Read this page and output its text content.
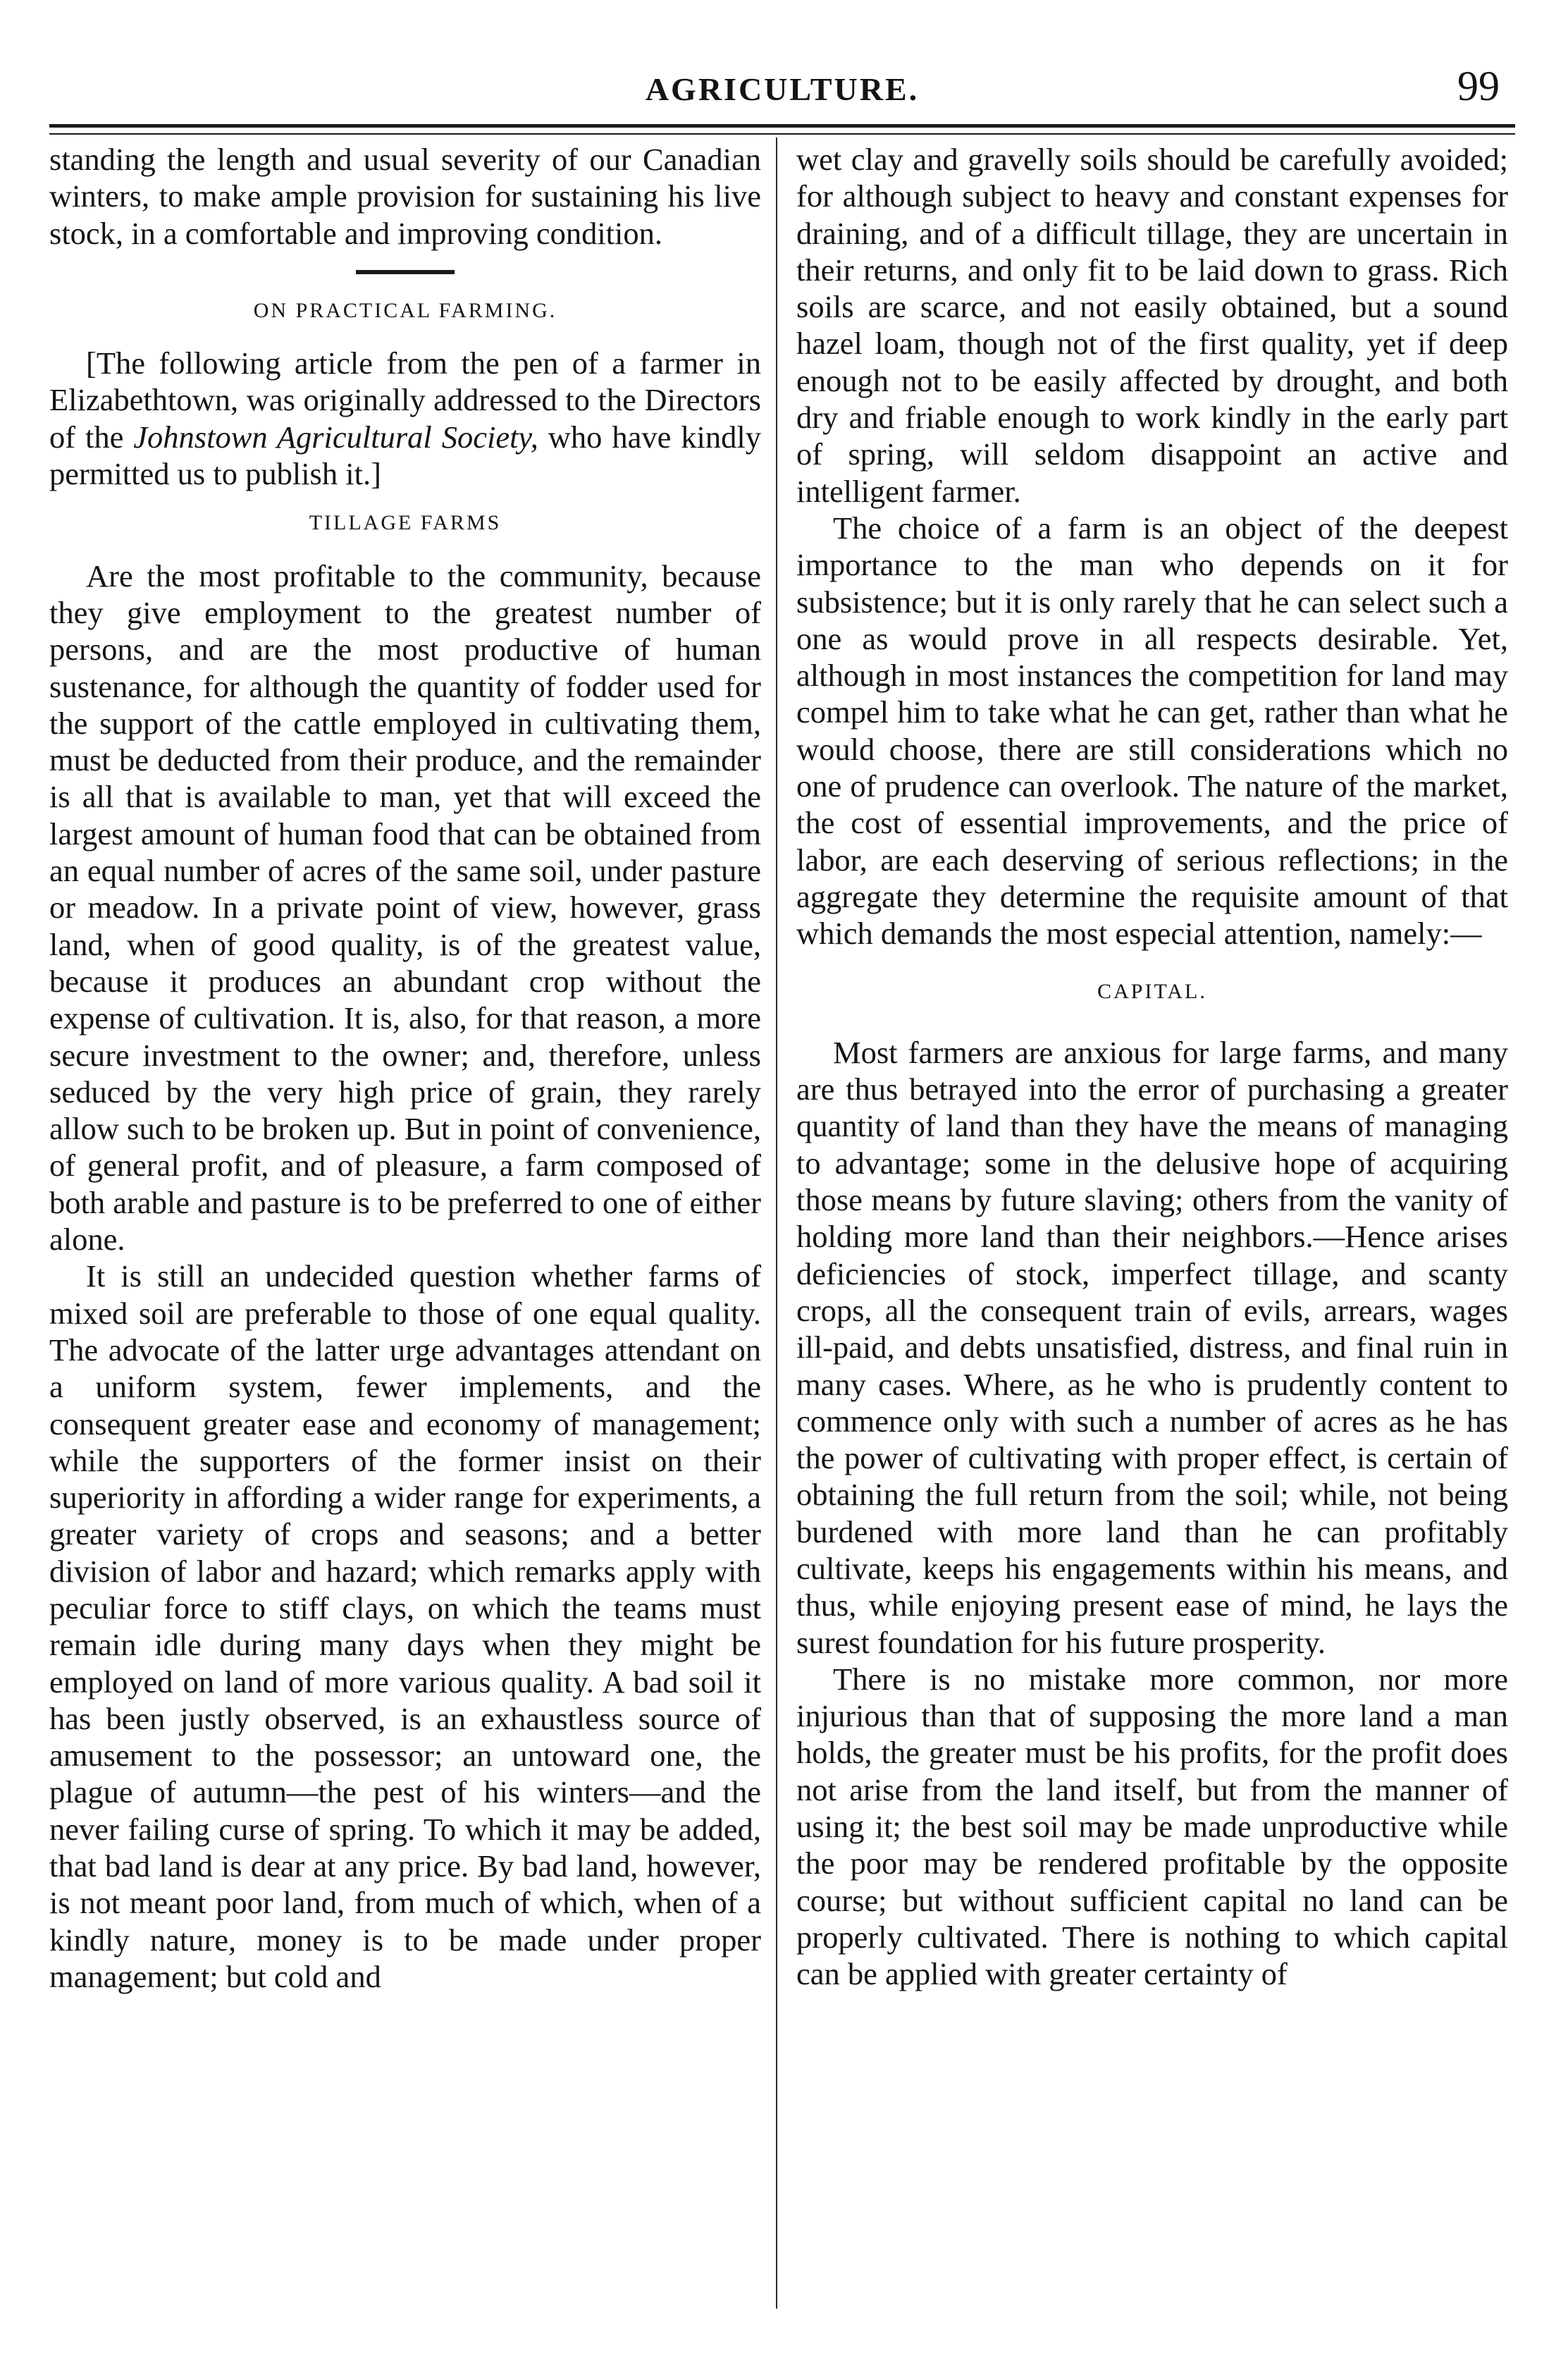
AGRICULTURE.	99

standing the length and usual severity of our Canadian winters, to make ample provision for sustaining his live stock, in a comfortable and improving condition.

ON PRACTICAL FARMING.

[The following article from the pen of a farmer in Elizabethtown, was originally addressed to the Directors of the Johnstown Agricultural Society, who have kindly permitted us to publish it.]

TILLAGE FARMS

Are the most profitable to the community, because they give employment to the greatest number of persons, and are the most productive of human sustenance, for although the quantity of fodder used for the support of the cattle employed in cultivating them, must be deducted from their produce, and the remainder is all that is available to man, yet that will exceed the largest amount of human food that can be obtained from an equal number of acres of the same soil, under pasture or meadow. In a private point of view, however, grass land, when of good quality, is of the greatest value, because it produces an abundant crop without the expense of cultivation. It is, also, for that reason, a more secure investment to the owner; and, therefore, unless seduced by the very high price of grain, they rarely allow such to be broken up. But in point of convenience, of general profit, and of pleasure, a farm composed of both arable and pasture is to be preferred to one of either alone.

It is still an undecided question whether farms of mixed soil are preferable to those of one equal quality. The advocate of the latter urge advantages attendant on a uniform system, fewer implements, and the consequent greater ease and economy of management; while the supporters of the former insist on their superiority in affording a wider range for experiments, a greater variety of crops and seasons; and a better division of labor and hazard; which remarks apply with peculiar force to stiff clays, on which the teams must remain idle during many days when they might be employed on land of more various quality. A bad soil it has been justly observed, is an exhaustless source of amusement to the possessor; an untoward one, the plague of autumn—the pest of his winters—and the never failing curse of spring. To which it may be added, that bad land is dear at any price. By bad land, however, is not meant poor land, from much of which, when of a kindly nature, money is to be made under proper management; but cold and

wet clay and gravelly soils should be carefully avoided; for although subject to heavy and constant expenses for draining, and of a difficult tillage, they are uncertain in their returns, and only fit to be laid down to grass. Rich soils are scarce, and not easily obtained, but a sound hazel loam, though not of the first quality, yet if deep enough not to be easily affected by drought, and both dry and friable enough to work kindly in the early part of spring, will seldom disappoint an active and intelligent farmer.

The choice of a farm is an object of the deepest importance to the man who depends on it for subsistence; but it is only rarely that he can select such a one as would prove in all respects desirable. Yet, although in most instances the competition for land may compel him to take what he can get, rather than what he would choose, there are still considerations which no one of prudence can overlook. The nature of the market, the cost of essential improvements, and the price of labor, are each deserving of serious reflections; in the aggregate they determine the requisite amount of that which demands the most especial attention, namely:—

CAPITAL.

Most farmers are anxious for large farms, and many are thus betrayed into the error of purchasing a greater quantity of land than they have the means of managing to advantage; some in the delusive hope of acquiring those means by future slaving; others from the vanity of holding more land than their neighbors.—Hence arises deficiencies of stock, imperfect tillage, and scanty crops, all the consequent train of evils, arrears, wages ill-paid, and debts unsatisfied, distress, and final ruin in many cases. Where, as he who is prudently content to commence only with such a number of acres as he has the power of cultivating with proper effect, is certain of obtaining the full return from the soil; while, not being burdened with more land than he can profitably cultivate, keeps his engagements within his means, and thus, while enjoying present ease of mind, he lays the surest foundation for his future prosperity.

There is no mistake more common, nor more injurious than that of supposing the more land a man holds, the greater must be his profits, for the profit does not arise from the land itself, but from the manner of using it; the best soil may be made unproductive while the poor may be rendered profitable by the opposite course; but without sufficient capital no land can be properly cultivated. There is nothing to which capital can be applied with greater certainty of
